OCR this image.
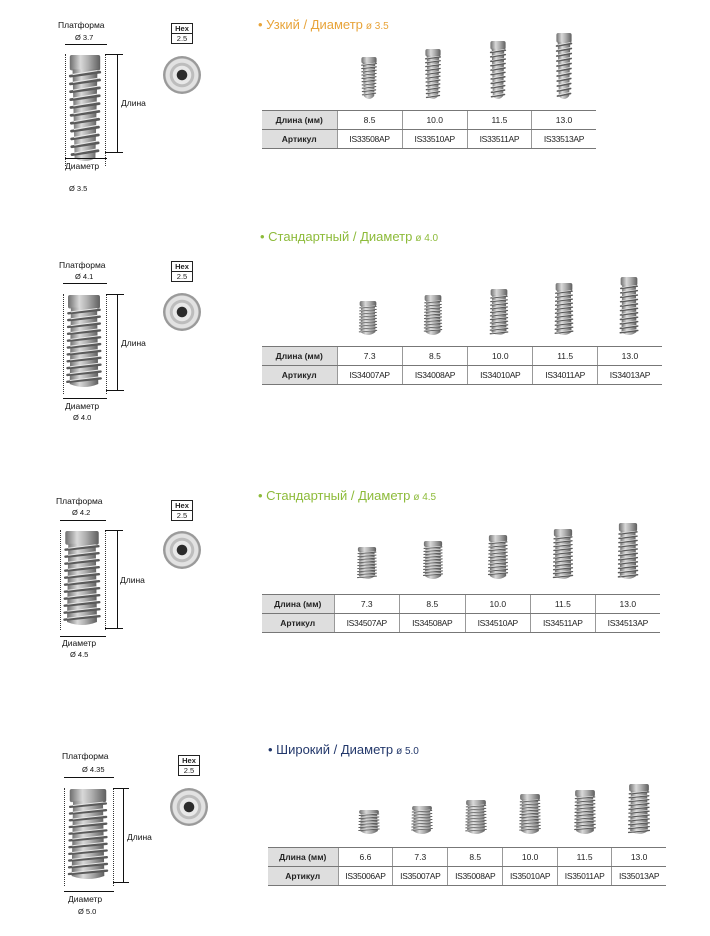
Платформа
Ø 3.7
Длина
Диаметр
Ø 3.5
Hex
2.5
• Узкий / Диаметр ø 3.5
Длина (мм)	8.5	10.0	11.5	13.0
Артикул	IS33508AP	IS33510AP	IS33511AP	IS33513AP
Платформа
Ø 4.1
Длина
Диаметр
Ø 4.0
Hex
2.5
• Стандартный / Диаметр ø 4.0
Длина (мм)	7.3	8.5	10.0	11.5	13.0
Артикул	IS34007AP	IS34008AP	IS34010AP	IS34011AP	IS34013AP
Платформа
Ø 4.2
Длина
Диаметр
Ø 4.5
Hex
2.5
• Стандартный / Диаметр ø 4.5
Длина (мм)	7.3	8.5	10.0	11.5	13.0
Артикул	IS34507AP	IS34508AP	IS34510AP	IS34511AP	IS34513AP
Платформа
Ø 4.35
Длина
Диаметр
Ø 5.0
Hex
2.5
• Широкий / Диаметр ø 5.0
Длина (мм)	6.6	7.3	8.5	10.0	11.5	13.0
Артикул	IS35006AP	IS35007AP	IS35008AP	IS35010AP	IS35011AP	IS35013AP
